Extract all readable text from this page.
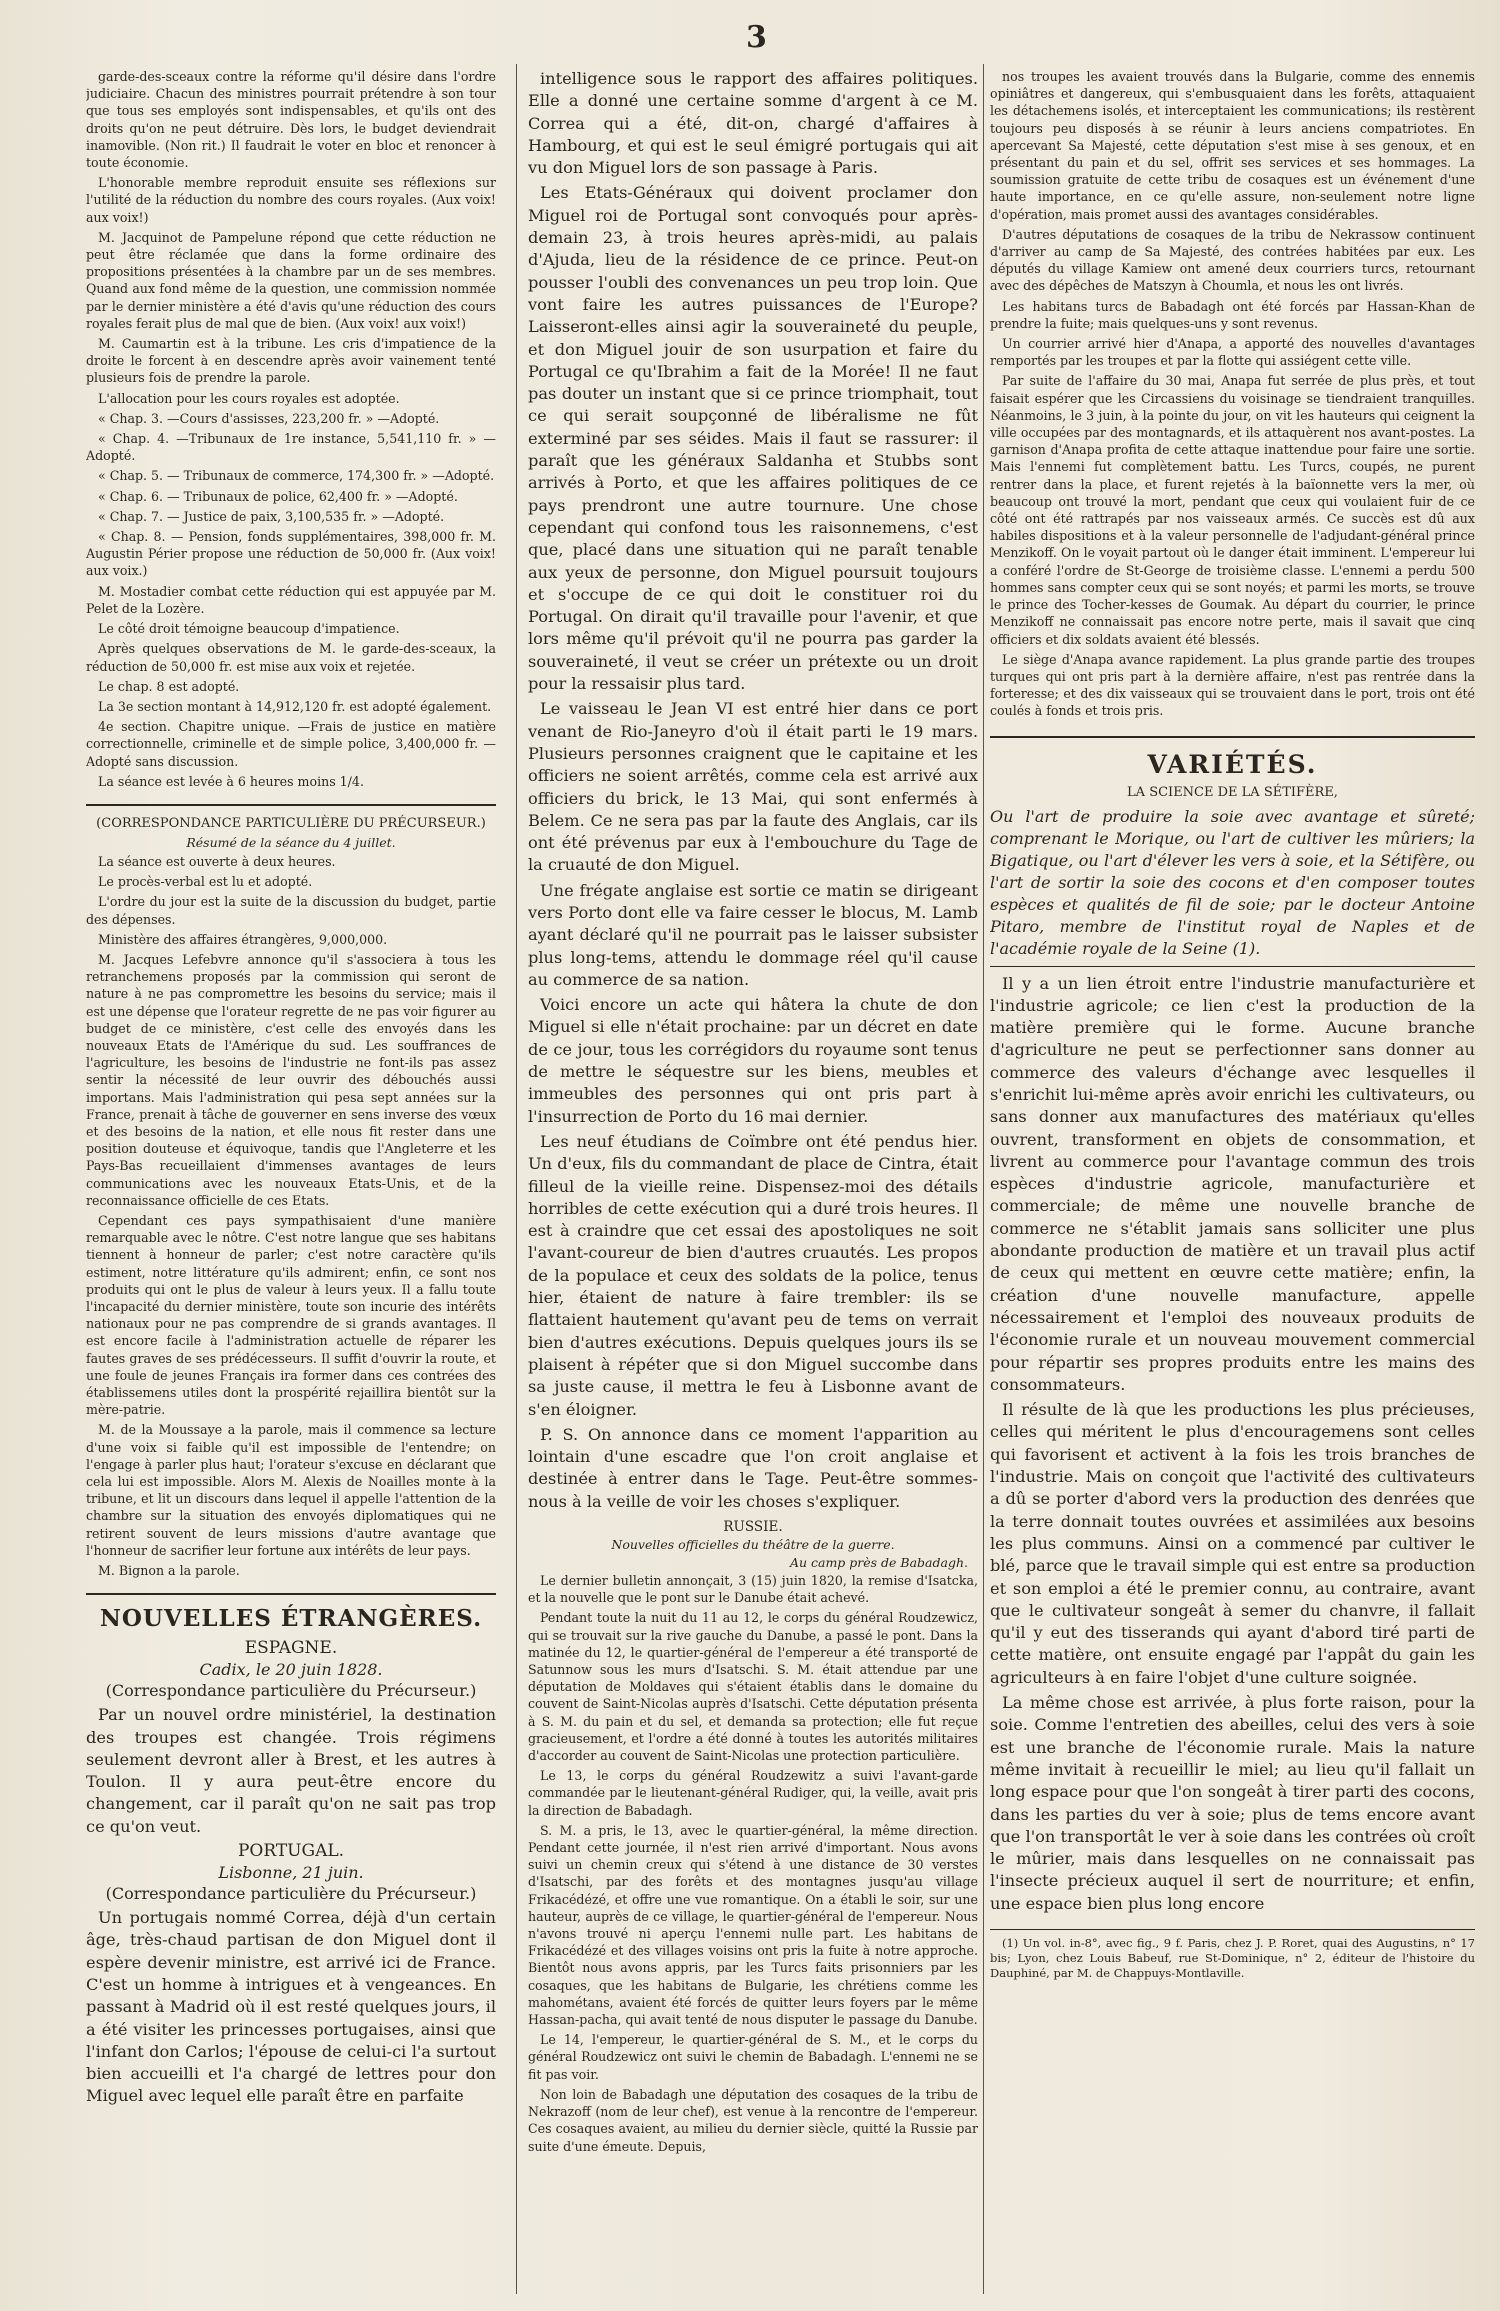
3

garde-des-sceaux contre la réforme qu'il désire dans l'ordre judiciaire. Chacun des ministres pourrait prétendre à son tour que tous ses employés sont indispensables, et qu'ils ont des droits qu'on ne peut détruire. Dès lors, le budget deviendrait inamovible. (Non rit.) Il faudrait le voter en bloc et renoncer à toute économie.

L'honorable membre reproduit ensuite ses réflexions sur l'utilité de la réduction du nombre des cours royales. (Aux voix! aux voix!)

M. Jacquinot de Pampelune répond que cette réduction ne peut être réclamée que dans la forme ordinaire des propositions présentées à la chambre par un de ses membres. Quand aux fond même de la question, une commission nommée par le dernier ministère a été d'avis qu'une réduction des cours royales ferait plus de mal que de bien. (Aux voix! aux voix!)

M. Caumartin est à la tribune. Les cris d'impatience de la droite le forcent à en descendre après avoir vainement tenté plusieurs fois de prendre la parole.

L'allocation pour les cours royales est adoptée.

« Chap. 3. —Cours d'assisses, 223,200 fr. » —Adopté.

« Chap. 4. —Tribunaux de 1re instance, 5,541,110 fr. » —Adopté.

« Chap. 5. — Tribunaux de commerce, 174,300 fr. » —Adopté.

« Chap. 6. — Tribunaux de police, 62,400 fr. » —Adopté.

« Chap. 7. — Justice de paix, 3,100,535 fr. » —Adopté.

« Chap. 8. — Pension, fonds supplémentaires, 398,000 fr. M. Augustin Périer propose une réduction de 50,000 fr. (Aux voix! aux voix.)

M. Mostadier combat cette réduction qui est appuyée par M. Pelet de la Lozère.

Le côté droit témoigne beaucoup d'impatience.

Après quelques observations de M. le garde-des-sceaux, la réduction de 50,000 fr. est mise aux voix et rejetée.

Le chap. 8 est adopté.

La 3e section montant à 14,912,120 fr. est adopté également.

4e section. Chapitre unique. —Frais de justice en matière correctionnelle, criminelle et de simple police, 3,400,000 fr. —Adopté sans discussion.

La séance est levée à 6 heures moins 1/4.

(CORRESPONDANCE PARTICULIÈRE DU PRÉCURSEUR.)

Résumé de la séance du 4 juillet.

La séance est ouverte à deux heures.

Le procès-verbal est lu et adopté.

L'ordre du jour est la suite de la discussion du budget, partie des dépenses.

Ministère des affaires étrangères, 9,000,000.

M. Jacques Lefebvre annonce qu'il s'associera à tous les retranchemens proposés par la commission qui seront de nature à ne pas compromettre les besoins du service; mais il est une dépense que l'orateur regrette de ne pas voir figurer au budget de ce ministère, c'est celle des envoyés dans les nouveaux Etats de l'Amérique du sud. Les souffrances de l'agriculture, les besoins de l'industrie ne font-ils pas assez sentir la nécessité de leur ouvrir des débouchés aussi importans. Mais l'administration qui pesa sept années sur la France, prenait à tâche de gouverner en sens inverse des vœux et des besoins de la nation, et elle nous fit rester dans une position douteuse et équivoque, tandis que l'Angleterre et les Pays-Bas recueillaient d'immenses avantages de leurs communications avec les nouveaux Etats-Unis, et de la reconnaissance officielle de ces Etats.

Cependant ces pays sympathisaient d'une manière remarquable avec le nôtre. C'est notre langue que ses habitans tiennent à honneur de parler; c'est notre caractère qu'ils estiment, notre littérature qu'ils admirent; enfin, ce sont nos produits qui ont le plus de valeur à leurs yeux. Il a fallu toute l'incapacité du dernier ministère, toute son incurie des intérêts nationaux pour ne pas comprendre de si grands avantages. Il est encore facile à l'administration actuelle de réparer les fautes graves de ses prédécesseurs. Il suffit d'ouvrir la route, et une foule de jeunes Français ira former dans ces contrées des établissemens utiles dont la prospérité rejaillira bientôt sur la mère-patrie.

M. de la Moussaye a la parole, mais il commence sa lecture d'une voix si faible qu'il est impossible de l'entendre; on l'engage à parler plus haut; l'orateur s'excuse en déclarant que cela lui est impossible. Alors M. Alexis de Noailles monte à la tribune, et lit un discours dans lequel il appelle l'attention de la chambre sur la situation des envoyés diplomatiques qui ne retirent souvent de leurs missions d'autre avantage que l'honneur de sacrifier leur fortune aux intérêts de leur pays.

M. Bignon a la parole.

NOUVELLES ÉTRANGÈRES.

ESPAGNE.

Cadix, le 20 juin 1828.

(Correspondance particulière du Précurseur.)

Par un nouvel ordre ministériel, la destination des troupes est changée. Trois régimens seulement devront aller à Brest, et les autres à Toulon. Il y aura peut-être encore du changement, car il paraît qu'on ne sait pas trop ce qu'on veut.

PORTUGAL.

Lisbonne, 21 juin.

(Correspondance particulière du Précurseur.)

Un portugais nommé Correa, déjà d'un certain âge, très-chaud partisan de don Miguel dont il espère devenir ministre, est arrivé ici de France. C'est un homme à intrigues et à vengeances. En passant à Madrid où il est resté quelques jours, il a été visiter les princesses portugaises, ainsi que l'infant don Carlos; l'épouse de celui-ci l'a surtout bien accueilli et l'a chargé de lettres pour don Miguel avec lequel elle paraît être en parfaite

intelligence sous le rapport des affaires politiques. Elle a donné une certaine somme d'argent à ce M. Correa qui a été, dit-on, chargé d'affaires à Hambourg, et qui est le seul émigré portugais qui ait vu don Miguel lors de son passage à Paris.

Les Etats-Généraux qui doivent proclamer don Miguel roi de Portugal sont convoqués pour après-demain 23, à trois heures après-midi, au palais d'Ajuda, lieu de la résidence de ce prince. Peut-on pousser l'oubli des convenances un peu trop loin. Que vont faire les autres puissances de l'Europe? Laisseront-elles ainsi agir la souveraineté du peuple, et don Miguel jouir de son usurpation et faire du Portugal ce qu'Ibrahim a fait de la Morée! Il ne faut pas douter un instant que si ce prince triomphait, tout ce qui serait soupçonné de libéralisme ne fût exterminé par ses séides. Mais il faut se rassurer: il paraît que les généraux Saldanha et Stubbs sont arrivés à Porto, et que les affaires politiques de ce pays prendront une autre tournure. Une chose cependant qui confond tous les raisonnemens, c'est que, placé dans une situation qui ne paraît tenable aux yeux de personne, don Miguel poursuit toujours et s'occupe de ce qui doit le constituer roi du Portugal. On dirait qu'il travaille pour l'avenir, et que lors même qu'il prévoit qu'il ne pourra pas garder la souveraineté, il veut se créer un prétexte ou un droit pour la ressaisir plus tard.

Le vaisseau le Jean VI est entré hier dans ce port venant de Rio-Janeyro d'où il était parti le 19 mars. Plusieurs personnes craignent que le capitaine et les officiers ne soient arrêtés, comme cela est arrivé aux officiers du brick, le 13 Mai, qui sont enfermés à Belem. Ce ne sera pas par la faute des Anglais, car ils ont été prévenus par eux à l'embouchure du Tage de la cruauté de don Miguel.

Une frégate anglaise est sortie ce matin se dirigeant vers Porto dont elle va faire cesser le blocus, M. Lamb ayant déclaré qu'il ne pourrait pas le laisser subsister plus long-tems, attendu le dommage réel qu'il cause au commerce de sa nation.

Voici encore un acte qui hâtera la chute de don Miguel si elle n'était prochaine: par un décret en date de ce jour, tous les corrégidors du royaume sont tenus de mettre le séquestre sur les biens, meubles et immeubles des personnes qui ont pris part à l'insurrection de Porto du 16 mai dernier.

Les neuf étudians de Coïmbre ont été pendus hier. Un d'eux, fils du commandant de place de Cintra, était filleul de la vieille reine. Dispensez-moi des détails horribles de cette exécution qui a duré trois heures. Il est à craindre que cet essai des apostoliques ne soit l'avant-coureur de bien d'autres cruautés. Les propos de la populace et ceux des soldats de la police, tenus hier, étaient de nature à faire trembler: ils se flattaient hautement qu'avant peu de tems on verrait bien d'autres exécutions. Depuis quelques jours ils se plaisent à répéter que si don Miguel succombe dans sa juste cause, il mettra le feu à Lisbonne avant de s'en éloigner.

P. S. On annonce dans ce moment l'apparition au lointain d'une escadre que l'on croit anglaise et destinée à entrer dans le Tage. Peut-être sommes-nous à la veille de voir les choses s'expliquer.

RUSSIE.

Nouvelles officielles du théâtre de la guerre.

Au camp près de Babadagh.

Le dernier bulletin annonçait, 3 (15) juin 1820, la remise d'Isatcka, et la nouvelle que le pont sur le Danube était achevé.

Pendant toute la nuit du 11 au 12, le corps du général Roudzewicz, qui se trouvait sur la rive gauche du Danube, a passé le pont. Dans la matinée du 12, le quartier-général de l'empereur a été transporté de Satunnow sous les murs d'Isatschi. S. M. était attendue par une députation de Moldaves qui s'étaient établis dans le domaine du couvent de Saint-Nicolas auprès d'Isatschi. Cette députation présenta à S. M. du pain et du sel, et demanda sa protection; elle fut reçue gracieusement, et l'ordre a été donné à toutes les autorités militaires d'accorder au couvent de Saint-Nicolas une protection particulière.

Le 13, le corps du général Roudzewitz a suivi l'avant-garde commandée par le lieutenant-général Rudiger, qui, la veille, avait pris la direction de Babadagh.

S. M. a pris, le 13, avec le quartier-général, la même direction. Pendant cette journée, il n'est rien arrivé d'important. Nous avons suivi un chemin creux qui s'étend à une distance de 30 verstes d'Isatschi, par des forêts et des montagnes jusqu'au village Frikacédézé, et offre une vue romantique. On a établi le soir, sur une hauteur, auprès de ce village, le quartier-général de l'empereur. Nous n'avons trouvé ni aperçu l'ennemi nulle part. Les habitans de Frikacédézé et des villages voisins ont pris la fuite à notre approche. Bientôt nous avons appris, par les Turcs faits prisonniers par les cosaques, que les habitans de Bulgarie, les chrétiens comme les mahométans, avaient été forcés de quitter leurs foyers par le même Hassan-pacha, qui avait tenté de nous disputer le passage du Danube.

Le 14, l'empereur, le quartier-général de S. M., et le corps du général Roudzewicz ont suivi le chemin de Babadagh. L'ennemi ne se fit pas voir.

Non loin de Babadagh une députation des cosaques de la tribu de Nekrazoff (nom de leur chef), est venue à la rencontre de l'empereur. Ces cosaques avaient, au milieu du dernier siècle, quitté la Russie par suite d'une émeute. Depuis,

nos troupes les avaient trouvés dans la Bulgarie, comme des ennemis opiniâtres et dangereux, qui s'embusquaient dans les forêts, attaquaient les détachemens isolés, et interceptaient les communications; ils restèrent toujours peu disposés à se réunir à leurs anciens compatriotes. En apercevant Sa Majesté, cette députation s'est mise à ses genoux, et en présentant du pain et du sel, offrit ses services et ses hommages. La soumission gratuite de cette tribu de cosaques est un événement d'une haute importance, en ce qu'elle assure, non-seulement notre ligne d'opération, mais promet aussi des avantages considérables.

D'autres députations de cosaques de la tribu de Nekrassow continuent d'arriver au camp de Sa Majesté, des contrées habitées par eux. Les députés du village Kamiew ont amené deux courriers turcs, retournant avec des dépêches de Matszyn à Choumla, et nous les ont livrés.

Les habitans turcs de Babadagh ont été forcés par Hassan-Khan de prendre la fuite; mais quelques-uns y sont revenus.

Un courrier arrivé hier d'Anapa, a apporté des nouvelles d'avantages remportés par les troupes et par la flotte qui assiégent cette ville.

Par suite de l'affaire du 30 mai, Anapa fut serrée de plus près, et tout faisait espérer que les Circassiens du voisinage se tiendraient tranquilles. Néanmoins, le 3 juin, à la pointe du jour, on vit les hauteurs qui ceignent la ville occupées par des montagnards, et ils attaquèrent nos avant-postes. La garnison d'Anapa profita de cette attaque inattendue pour faire une sortie. Mais l'ennemi fut complètement battu. Les Turcs, coupés, ne purent rentrer dans la place, et furent rejetés à la baïonnette vers la mer, où beaucoup ont trouvé la mort, pendant que ceux qui voulaient fuir de ce côté ont été rattrapés par nos vaisseaux armés. Ce succès est dû aux habiles dispositions et à la valeur personnelle de l'adjudant-général prince Menzikoff. On le voyait partout où le danger était imminent. L'empereur lui a conféré l'ordre de St-George de troisième classe. L'ennemi a perdu 500 hommes sans compter ceux qui se sont noyés; et parmi les morts, se trouve le prince des Tocher-kesses de Goumak. Au départ du courrier, le prince Menzikoff ne connaissait pas encore notre perte, mais il savait que cinq officiers et dix soldats avaient été blessés.

Le siège d'Anapa avance rapidement. La plus grande partie des troupes turques qui ont pris part à la dernière affaire, n'est pas rentrée dans la forteresse; et des dix vaisseaux qui se trouvaient dans le port, trois ont été coulés à fonds et trois pris.

VARIÉTÉS.

LA SCIENCE DE LA SÉTIFÈRE,

Ou l'art de produire la soie avec avantage et sûreté; comprenant le Morique, ou l'art de cultiver les mûriers; la Bigatique, ou l'art d'élever les vers à soie, et la Sétifère, ou l'art de sortir la soie des cocons et d'en composer toutes espèces et qualités de fil de soie; par le docteur Antoine Pitaro, membre de l'institut royal de Naples et de l'académie royale de la Seine (1).

Il y a un lien étroit entre l'industrie manufacturière et l'industrie agricole; ce lien c'est la production de la matière première qui le forme. Aucune branche d'agriculture ne peut se perfectionner sans donner au commerce des valeurs d'échange avec lesquelles il s'enrichit lui-même après avoir enrichi les cultivateurs, ou sans donner aux manufactures des matériaux qu'elles ouvrent, transforment en objets de consommation, et livrent au commerce pour l'avantage commun des trois espèces d'industrie agricole, manufacturière et commerciale; de même une nouvelle branche de commerce ne s'établit jamais sans solliciter une plus abondante production de matière et un travail plus actif de ceux qui mettent en œuvre cette matière; enfin, la création d'une nouvelle manufacture, appelle nécessairement et l'emploi des nouveaux produits de l'économie rurale et un nouveau mouvement commercial pour répartir ses propres produits entre les mains des consommateurs.

Il résulte de là que les productions les plus précieuses, celles qui méritent le plus d'encouragemens sont celles qui favorisent et activent à la fois les trois branches de l'industrie. Mais on conçoit que l'activité des cultivateurs a dû se porter d'abord vers la production des denrées que la terre donnait toutes ouvrées et assimilées aux besoins les plus communs. Ainsi on a commencé par cultiver le blé, parce que le travail simple qui est entre sa production et son emploi a été le premier connu, au contraire, avant que le cultivateur songeât à semer du chanvre, il fallait qu'il y eut des tisserands qui ayant d'abord tiré parti de cette matière, ont ensuite engagé par l'appât du gain les agriculteurs à en faire l'objet d'une culture soignée.

La même chose est arrivée, à plus forte raison, pour la soie. Comme l'entretien des abeilles, celui des vers à soie est une branche de l'économie rurale. Mais la nature même invitait à recueillir le miel; au lieu qu'il fallait un long espace pour que l'on songeât à tirer parti des cocons, dans les parties du ver à soie; plus de tems encore avant que l'on transportât le ver à soie dans les contrées où croît le mûrier, mais dans lesquelles on ne connaissait pas l'insecte précieux auquel il sert de nourriture; et enfin, une espace bien plus long encore

(1) Un vol. in-8°, avec fig., 9 f. Paris, chez J. P. Roret, quai des Augustins, n° 17 bis; Lyon, chez Louis Babeuf, rue St-Dominique, n° 2, éditeur de l'histoire du Dauphiné, par M. de Chappuys-Montlaville.
